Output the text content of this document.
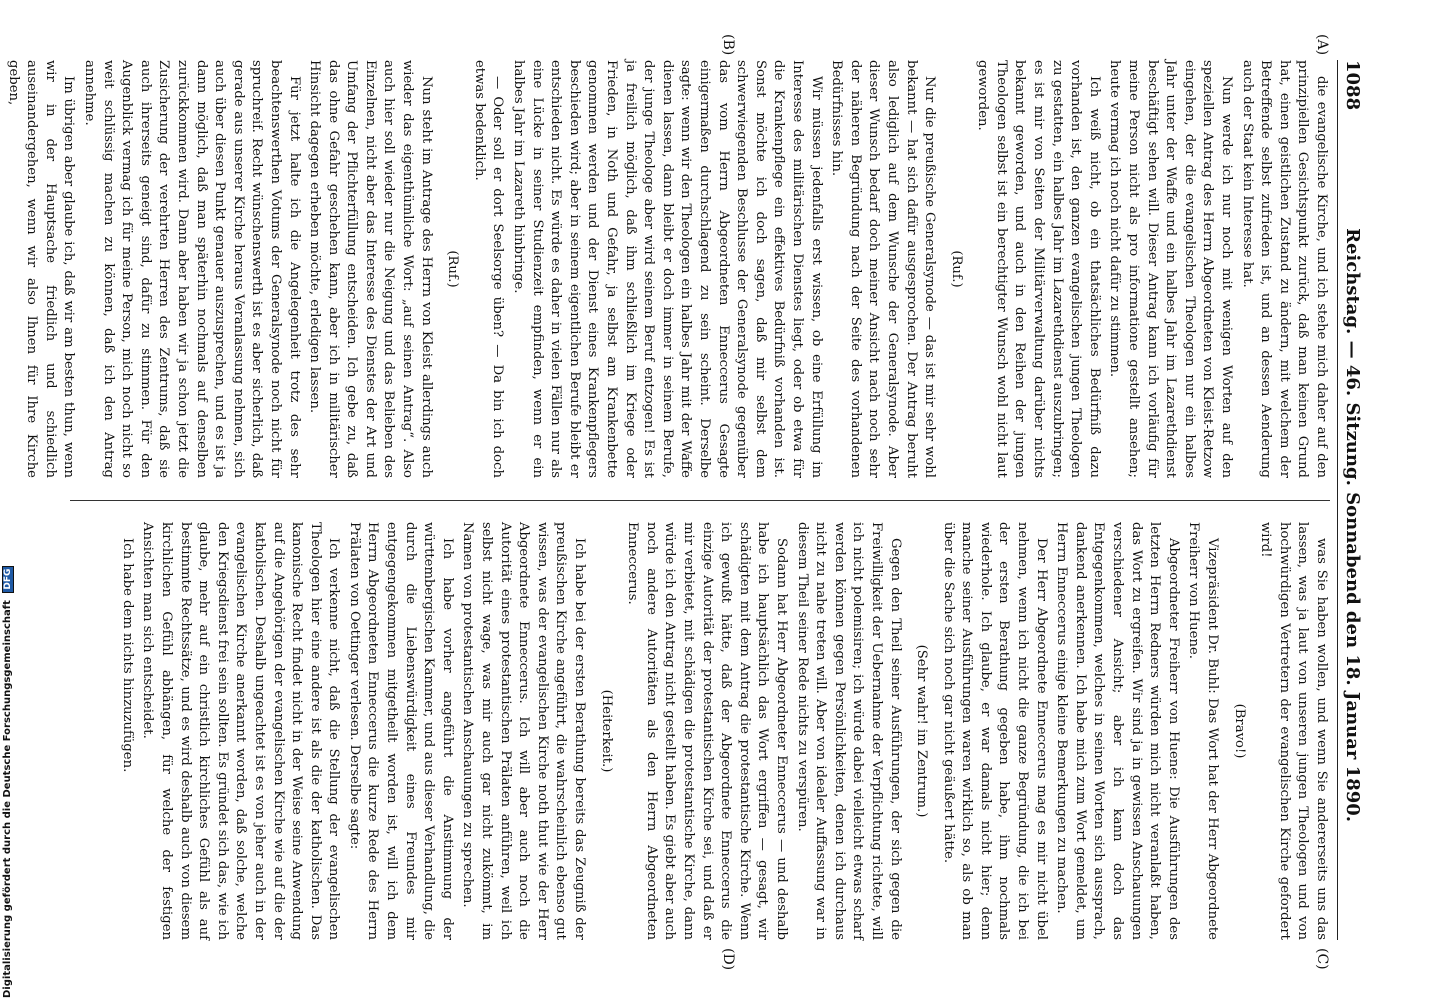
1088
Reichstag. — 46. Sitzung. Sonnabend den 18. Januar 1890.
(A)
(B)
(C)
(D)

die evangelische Kirche, und ich stehe mich daher auf den prinzipiellen Gesichtspunkt zurück, daß man keinen Grund hat, einen geistlichen Zustand zu ändern, mit welchem der Betreffende selbst zufrieden ist, und an dessen Aenderung auch der Staat kein Interesse hat.

Nun werde ich nur noch mit wenigen Worten auf den speziellen Antrag des Herrn Abgeordneten von Kleist-Retzow eingehen, der die evangelischen Theologen nur ein halbes Jahr unter der Waffe und ein halbes Jahr im Lazarethdienst beschäftigt sehen will. Dieser Antrag kann ich vorläufig für meine Person nicht als pro informatione gestellt ansehen; heute vermag ich noch nicht dafür zu stimmen.

Ich weiß nicht, ob ein thatsächliches Bedürfniß dazu vorhanden ist, den ganzen evangelischen jungen Theologen zu gestatten, ein halbes Jahr im Lazarethdienst auszubringen; es ist mir von Seiten der Militärverwaltung darüber nichts bekannt geworden, und auch in den Reihen der jungen Theologen selbst ist ein berechtigter Wunsch wohl nicht laut geworden.

(Ruf.)

Nur die preußische Generalsynode — das ist mir sehr wohl bekannt — hat sich dafür ausgesprochen. Der Antrag beruht also lediglich auf dem Wunsche der Generalsynode. Aber dieser Wunsch bedarf doch meiner Ansicht nach noch sehr der näheren Begründung nach der Seite des vorhandenen Bedürfnisses hin.

Wir müssen jedenfalls erst wissen, ob eine Erfüllung im Interesse des militärischen Dienstes liegt, oder ob etwa für die Krankenpflege ein effektives Bedürfniß vorhanden ist. Sonst möchte ich doch sagen, daß mir selbst dem schwerwiegenden Beschlusse der Generalsynode gegenüber das vom Herrn Abgeordneten Enneccerus Gesagte einigermaßen durchschlagend zu sein scheint. Derselbe sagte: wenn wir den Theologen ein halbes Jahr mit der Waffe dienen lassen, dann bleibt er doch immer in seinem Berufe, der junge Theologe aber wird seinem Beruf entzogen! Es ist ja freilich möglich, daß ihm schließlich im Kriege oder Frieden, in Noth und Gefahr, ja selbst am Krankenbette genommen werden und der Dienst eines Krankenpflegers beschieden wird; aber in seinem eigentlichen Berufe bleibt er entschieden nicht. Es würde es daher in vielen Fällen nur als eine Lücke in seiner Studienzeit empfinden, wenn er ein halbes Jahr im Lazareth hinbringe.

— Oder soll er dort Seelsorge üben? — Da bin ich doch etwas bedenklich.

(Ruf.)

Nun steht im Antrage des Herrn von Kleist allerdings auch wieder das eigenthümliche Wort: „auf seinen Antrag“. Also auch hier soll wieder nur die Neigung und das Belieben des Einzelnen, nicht aber das Interesse des Dienstes der Art und Umfang der Pflichterfüllung entscheiden. Ich gebe zu, daß das ohne Gefahr geschehen kann, aber ich in militärischer Hinsicht dagegen erheben möchte, erledigen lassen.

Für jetzt halte ich die Angelegenheit trotz des sehr beachtenswerthen Votums der Generalsynode noch nicht für spruchreif. Recht wünschenswerth ist es aber sicherlich, daß gerade aus unserer Kirche heraus Veranlassung nehmen, sich auch über diesen Punkt genauer auszusprechen, und es ist ja dann möglich, daß man späterhin nochmals auf denselben zurückkommen wird. Dann aber haben wir ja schon jetzt die Zusicherung der verehrten Herren des Zentrums, daß sie auch ihrerseits geneigt sind, dafür zu stimmen. Für den Augenblick vermag ich für meine Person, mich noch nicht so weit schlüssig machen zu können, daß ich den Antrag annehme.

Im übrigen aber glaube ich, daß wir am besten thun, wenn wir in der Hauptsache friedlich und schiedlich auseinandergehen, wenn wir also Ihnen für Ihre Kirche geben,

was Sie haben wollen, und wenn Sie andererseits uns das lassen, was ja laut von unseren jungen Theologen und von hochwürdigen Vertretern der evangelischen Kirche gefordert wird!

(Bravo!)

Vizepräsident Dr. Buhl: Das Wort hat der Herr Abgeordnete Freiherr von Huene.

Abgeordneter Freiherr von Huene: Die Ausführungen des letzten Herrn Redners würden mich nicht veranlaßt haben, das Wort zu ergreifen. Wir sind ja in gewissen Anschauungen verschiedener Ansicht; aber ich kann doch das Entgegenkommen, welches in seinen Worten sich aussprach, dankend anerkennen. Ich habe mich zum Wort gemeldet, um Herrn Enneccerus einige kleine Bemerkungen zu machen.

Der Herr Abgeordnete Enneccerus mag es mir nicht übel nehmen, wenn ich nicht die ganze Begründung, die ich bei der ersten Berathung gegeben habe, ihm nochmals wiederhole. Ich glaube, er war damals nicht hier; denn manche seiner Ausführungen waren wirklich so, als ob man über die Sache sich noch gar nicht geäußert hätte.

(Sehr wahr! im Zentrum.)

Gegen den Theil seiner Ausführungen, der sich gegen die Freiwilligkeit der Uebernahme der Verpflichtung richtete, will ich nicht polemisiren; ich würde dabei vielleicht etwas scharf werden können gegen Persönlichkeiten, denen ich durchaus nicht zu nahe treten will. Aber von idealer Auffassung war in diesem Theil seiner Rede nichts zu verspüren.

Sodann hat Herr Abgeordneter Enneccerus — und deshalb habe ich hauptsächlich das Wort ergriffen — gesagt, wir schädigten mit dem Antrag die protestantische Kirche. Wenn ich gewußt hätte, daß der Abgeordnete Enneccerus die einzige Autorität der protestantischen Kirche sei, und daß er mir verbietet, mit schädigen die protestantische Kirche, dann würde ich den Antrag nicht gestellt haben. Es giebt aber auch noch andere Autoritäten als den Herrn Abgeordneten Enneccerus.

(Heiterkeit.)

Ich habe bei der ersten Berathung bereits das Zeugniß der preußischen Kirche angeführt, die wahrscheinlich ebenso gut wissen, was der evangelischen Kirche noth thut wie der Herr Abgeordnete Enneccerus. Ich will aber auch noch die Autorität eines protestantischen Prälaten anführen, weil ich selbst nicht wage, was mir auch gar nicht zukömmt, im Namen von protestantischen Anschauungen zu sprechen.

Ich habe vorher angeführt die Anstimmung der württembergischen Kammer, und aus dieser Verhandlung, die durch die Liebenswürdigkeit eines Freundes mir entgegengekommen mitgetheilt worden ist, will ich dem Herrn Abgeordneten Enneccerus die kurze Rede des Herrn Prälaten von Oettinger verlesen. Derselbe sagte:

Ich verkenne nicht, daß die Stellung der evangelischen Theologen hier eine andere ist als die der katholischen. Das kanonische Recht findet nicht in der Weise seine Anwendung auf die Angehörigen der evangelischen Kirche wie auf die der katholischen. Deshalb ungeachtet ist es von jeher auch in der evangelischen Kirche anerkannt worden, daß solche, welche den Kriegsdienst frei sein sollten. Es gründet sich das, wie ich glaube, mehr auf ein christlich kirchliches Gefühl als auf bestimmte Rechtssätze, und es wird deshalb auch von diesem kirchlichen Gefühl abhängen, für welche der festigen Ansichten man sich entscheidet.

Ich habe dem nichts hinzuzufügen.

Digitalisierung gefördert durch die Deutsche Forschungsgemeinschaft DFG
